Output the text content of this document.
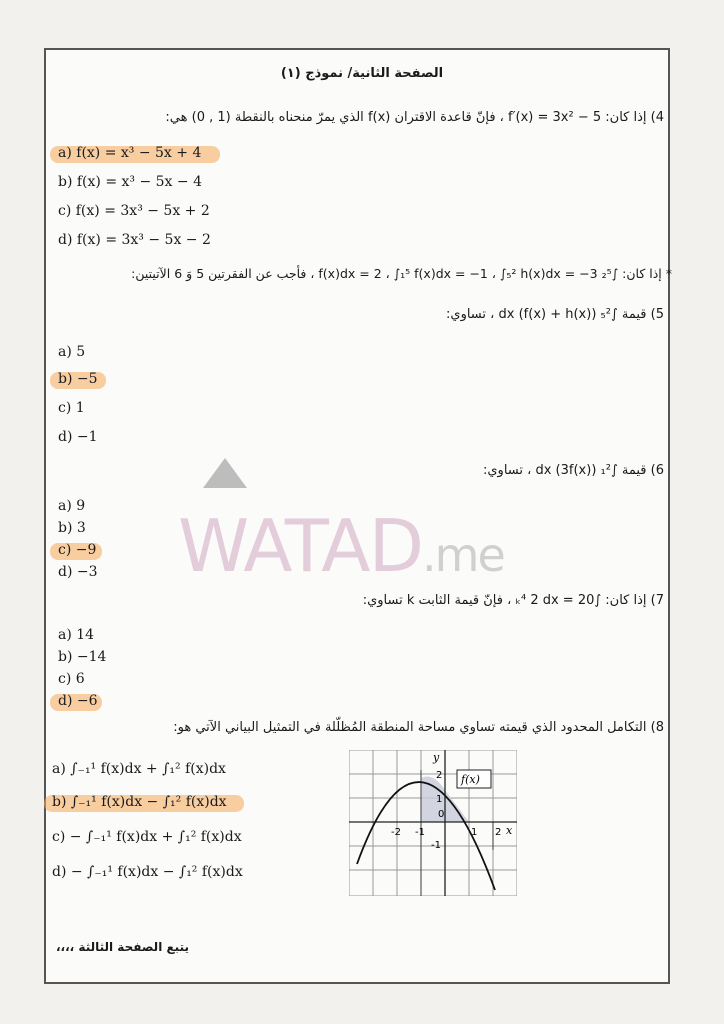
WATAD.me
الصفحة الثانية/ نموذج (١)
4) إذا كان: f′(x) = 3x² − 5 ، فإنّ قاعدة الاقتران f(x) الذي يمرّ منحناه بالنقطة (1 , 0) هي:
a) f(x) = x³ − 5x + 4
b) f(x) = x³ − 5x − 4
c) f(x) = 3x³ − 5x + 2
d) f(x) = 3x³ − 5x − 2
* إذا كان: ∫₂⁵ f(x)dx = 2 ، ∫₁⁵ f(x)dx = −1 ، ∫₅² h(x)dx = −3 ، فأجب عن الفقرتين 5 وَ 6 الآتيتين:
5) قيمة ∫₅² (f(x) + h(x)) dx ، تساوي:
a) 5
b) −5
c) 1
d) −1
6) قيمة ∫₁² (3f(x)) dx ، تساوي:
a) 9
b) 3
c) −9
d) −3
7) إذا كان: ∫ₖ⁴ 2 dx = 20 ، فإنّ قيمة الثابت k تساوي:
a) 14
b) −14
c) 6
d) −6
8) التكامل المحدود الذي قيمته تساوي مساحة المنطقة المُظلّلة في التمثيل البياني الآتي هو:
a) ∫₋₁¹ f(x)dx + ∫₁² f(x)dx
b) ∫₋₁¹ f(x)dx − ∫₁² f(x)dx
c) − ∫₋₁¹ f(x)dx + ∫₁² f(x)dx
d) − ∫₋₁¹ f(x)dx − ∫₁² f(x)dx
f(x)
y
x
-2 -1
0
1 2
2
1
-1
يتبع الصفحة الثالثة ،،،،
